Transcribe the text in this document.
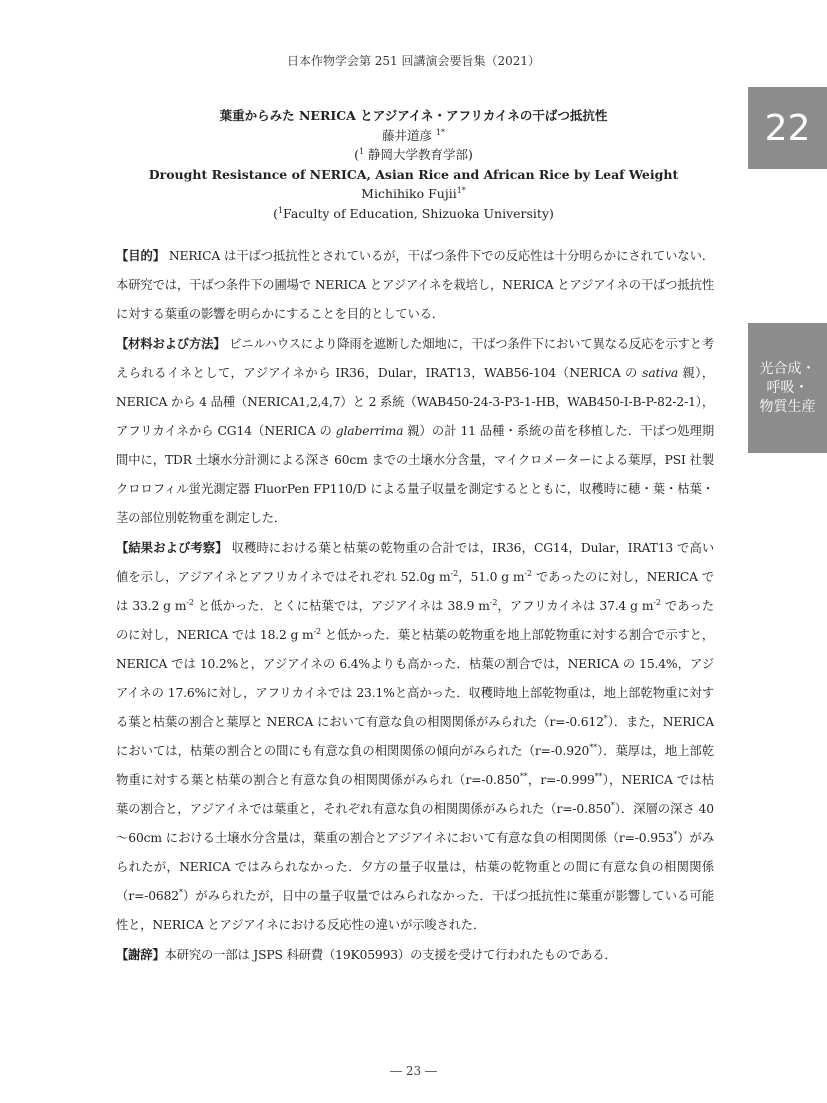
日本作物学会第 251 回講演会要旨集（2021）
22
光合成・
呼吸・
物質生産
葉重からみた NERICA とアジアイネ・アフリカイネの干ばつ抵抗性
藤井道彦 $^{1*}$
($^1$ 静岡大学教育学部)
Drought Resistance of NERICA, Asian Rice and African Rice by Leaf Weight
Michihiko Fujii$^{1*}$
($^1$Faculty of Education, Shizuoka University)

【目的】 NERICA は干ばつ抵抗性とされているが，干ばつ条件下での反応性は十分明らかにされていない．本研究では，干ばつ条件下の圃場で NERICA とアジアイネを栽培し，NERICA とアジアイネの干ばつ抵抗性に対する葉重の影響を明らかにすることを目的としている．

【材料および方法】 ビニルハウスにより降雨を遮断した畑地に，干ばつ条件下において異なる反応を示すと考えられるイネとして，アジアイネから IR36，Dular，IRAT13，WAB56-104（NERICA の sativa 親），NERICA から 4 品種（NERICA1,2,4,7）と 2 系統（WAB450-24-3-P3-1-HB，WAB450-I-B-P-82-2-1），アフリカイネから CG14（NERICA の glaberrima 親）の計 11 品種・系統の苗を移植した．干ばつ処理期間中に，TDR 土壌水分計測による深さ 60cm までの土壌水分含量，マイクロメーターによる葉厚，PSI 社製クロロフィル蛍光測定器 FluorPen FP110/D による量子収量を測定するとともに，収穫時に穂・葉・枯葉・茎の部位別乾物重を測定した．

【結果および考察】 収穫時における葉と枯葉の乾物重の合計では，IR36，CG14，Dular，IRAT13 で高い値を示し，アジアイネとアフリカイネではそれぞれ 52.0g $m^{-2}$，51.0 g $m^{-2}$ であったのに対し，NERICA では 33.2 g $m^{-2}$ と低かった．とくに枯葉では，アジアイネは 38.9 $m^{-2}$，アフリカイネは 37.4 g $m^{-2}$ であったのに対し，NERICA では 18.2 g $m^{-2}$ と低かった．葉と枯葉の乾物重を地上部乾物重に対する割合で示すと，NERICA では 10.2%と，アジアイネの 6.4%よりも高かった．枯葉の割合では，NERICA の 15.4%，アジアイネの 17.6%に対し，アフリカイネでは 23.1%と高かった．収穫時地上部乾物重は，地上部乾物重に対する葉と枯葉の割合と葉厚と NERCA において有意な負の相関関係がみられた（r=-0.612*）．また，NERICA においては，枯葉の割合との間にも有意な負の相関関係の傾向がみられた（r=-0.920**）．葉厚は，地上部乾物重に対する葉と枯葉の割合と有意な負の相関関係がみられ（r=-0.850**，r=-0.999**），NERICA では枯葉の割合と，アジアイネでは葉重と，それぞれ有意な負の相関関係がみられた（r=-0.850*）．深層の深さ 40～60cm における土壌水分含量は，葉重の割合とアジアイネにおいて有意な負の相関関係（r=-0.953*）がみられたが，NERICA ではみられなかった．夕方の量子収量は，枯葉の乾物重との間に有意な負の相関関係（r=-0682*）がみられたが，日中の量子収量ではみられなかった．干ばつ抵抗性に葉重が影響している可能性と，NERICA とアジアイネにおける反応性の違いが示唆された．

【謝辞】本研究の一部は JSPS 科研費（19K05993）の支援を受けて行われたものである．

― 23 ―
